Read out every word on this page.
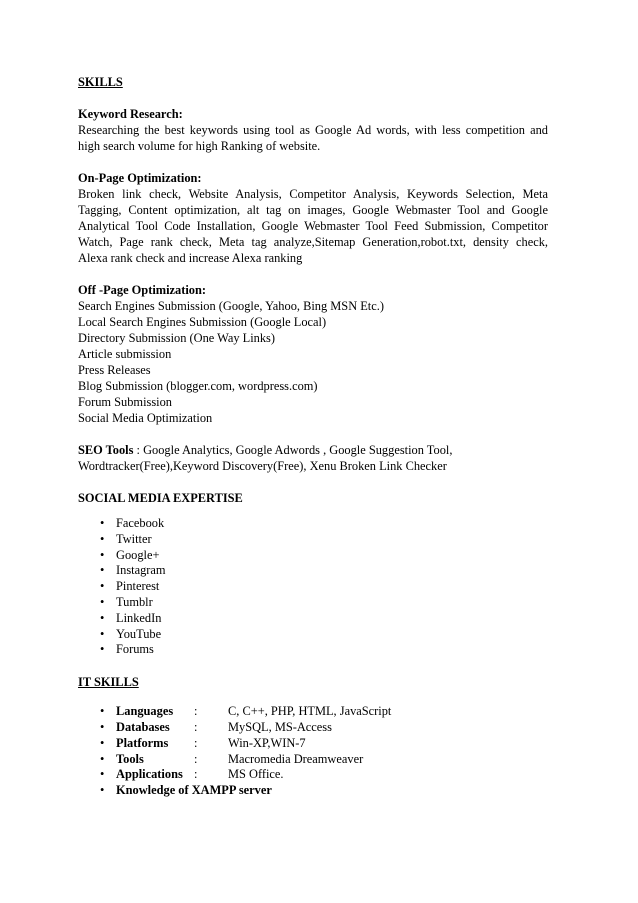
SKILLS
Keyword Research:
Researching the best keywords using tool as Google Ad words, with less competition and
high search volume for high Ranking of website.
On-Page Optimization:
Broken link check, Website Analysis, Competitor Analysis, Keywords Selection, Meta
Tagging, Content optimization, alt tag on images, Google Webmaster Tool and Google
Analytical Tool Code Installation, Google Webmaster Tool Feed Submission, Competitor
Watch, Page rank check, Meta tag analyze,Sitemap Generation,robot.txt, density check,
Alexa rank check and increase Alexa ranking
Off -Page Optimization:
Search Engines Submission (Google, Yahoo, Bing MSN Etc.)
Local Search Engines Submission (Google Local)
Directory Submission (One Way Links)
Article submission
Press Releases
Blog Submission (blogger.com, wordpress.com)
Forum Submission
Social Media Optimization
SEO Tools : Google Analytics, Google Adwords , Google Suggestion Tool,
Wordtracker(Free),Keyword Discovery(Free), Xenu Broken Link Checker
SOCIAL MEDIA EXPERTISE
• Facebook
• Twitter
• Google+
• Instagram
• Pinterest
• Tumblr
• LinkedIn
• YouTube
• Forums
IT SKILLS
• Languages : C, C++, PHP, HTML, JavaScript
• Databases : MySQL, MS-Access
• Platforms : Win-XP,WIN-7
• Tools	: Macromedia Dreamweaver
• Applications : MS Office.
• Knowledge of XAMPP server
